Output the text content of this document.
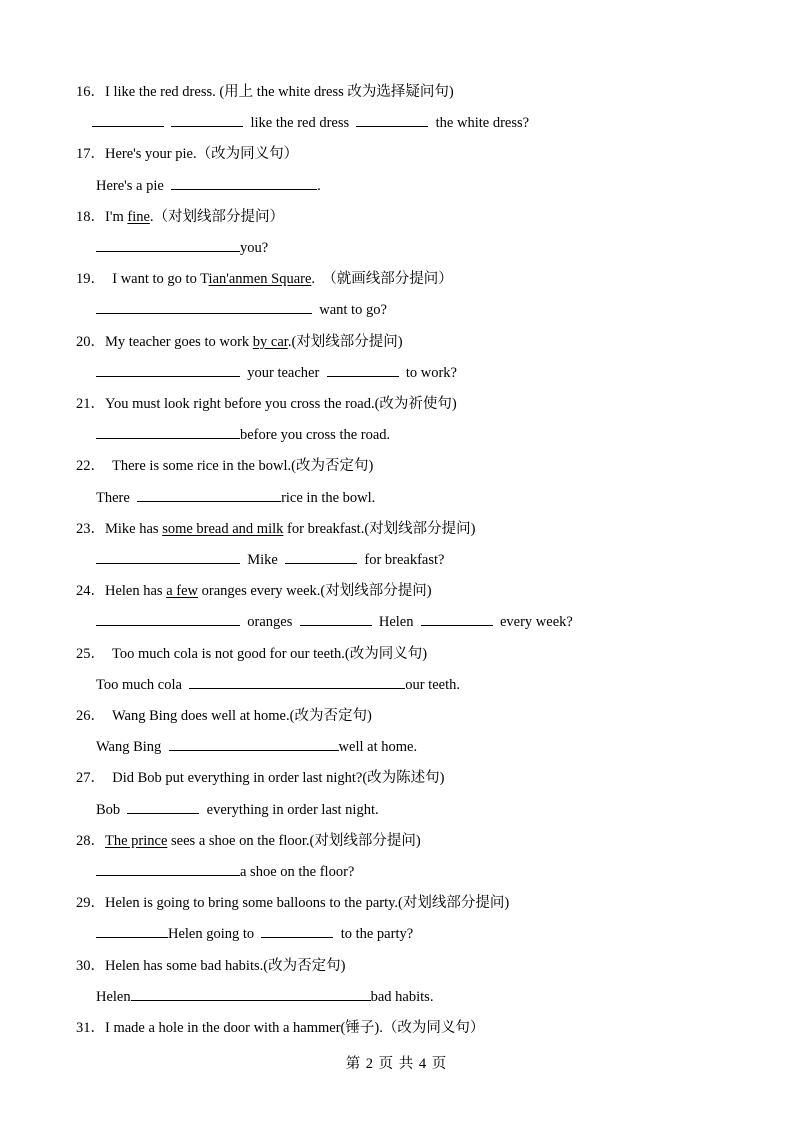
16．I like the red dress. (用上 the white dress 改为选择疑问句)
like the red dress	the white dress?
17．Here's your pie.（改为同义句）
Here's a pie	.
18．I'm fine.（对划线部分提问）
you?
19．  I want to go to Tian'anmen Square.  （就画线部分提问）
want to go?
20．My teacher goes to work by car.(对划线部分提问)
your teacher	to work?
21．You must look right before you cross the road.(改为祈使句)
before you cross the road.
22．  There is some rice in the bowl.(改为否定句)
There	rice in the bowl.
23．Mike has some bread and milk for breakfast.(对划线部分提问)
Mike	for breakfast?
24．Helen has a few oranges every week.(对划线部分提问)
oranges	Helen	every week?
25．  Too much cola is not good for our teeth.(改为同义句)
Too much cola	our teeth.
26．  Wang Bing does well at home.(改为否定句)
Wang Bing	well at home.
27．  Did Bob put everything in order last night?(改为陈述句)
Bob	everything in order last night.
28．The prince sees a shoe on the floor.(对划线部分提问)
a shoe on the floor?
29．Helen is going to bring some balloons to the party.(对划线部分提问)
Helen going to	to the party?
30．Helen has some bad habits.(改为否定句)
Helen	bad habits.
31．I made a hole in the door with a hammer(锤子).（改为同义句）
第 2 页 共 4 页
